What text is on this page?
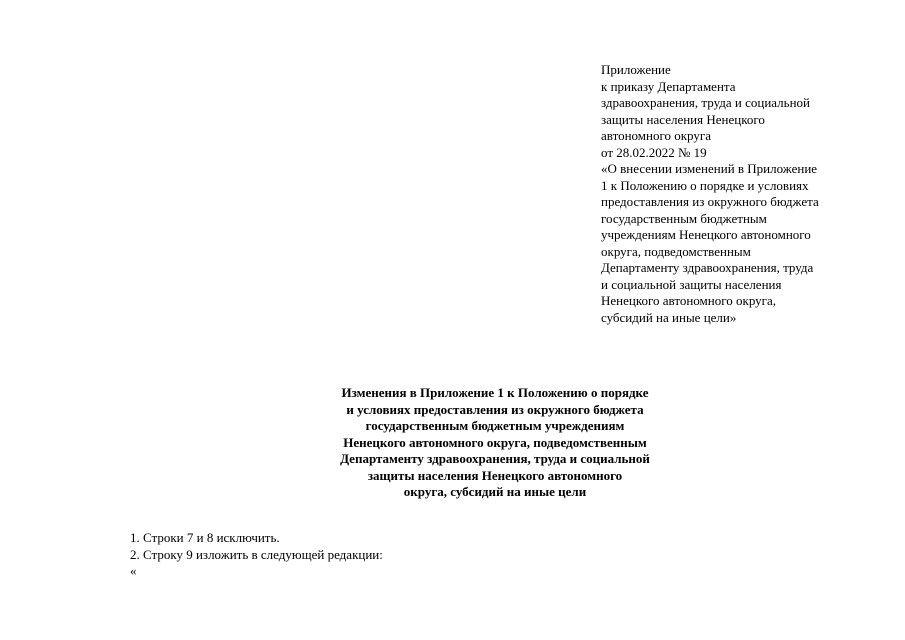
Приложение
к приказу Департамента
здравоохранения, труда и социальной
защиты населения Ненецкого
автономного округа
от 28.02.2022 № 19
«О внесении изменений в Приложение
1 к Положению о порядке и условиях
предоставления из окружного бюджета
государственным бюджетным
учреждениям Ненецкого автономного
округа, подведомственным
Департаменту здравоохранения, труда
и социальной защиты населения
Ненецкого автономного округа,
субсидий на иные цели»
Изменения в Приложение 1 к Положению о порядке
и условиях предоставления из окружного бюджета
государственным бюджетным учреждениям
Ненецкого автономного округа, подведомственным
Департаменту здравоохранения, труда и социальной
защиты населения Ненецкого автономного
округа, субсидий на иные цели
1. Строки 7 и 8 исключить.
2. Строку 9 изложить в следующей редакции:
«
